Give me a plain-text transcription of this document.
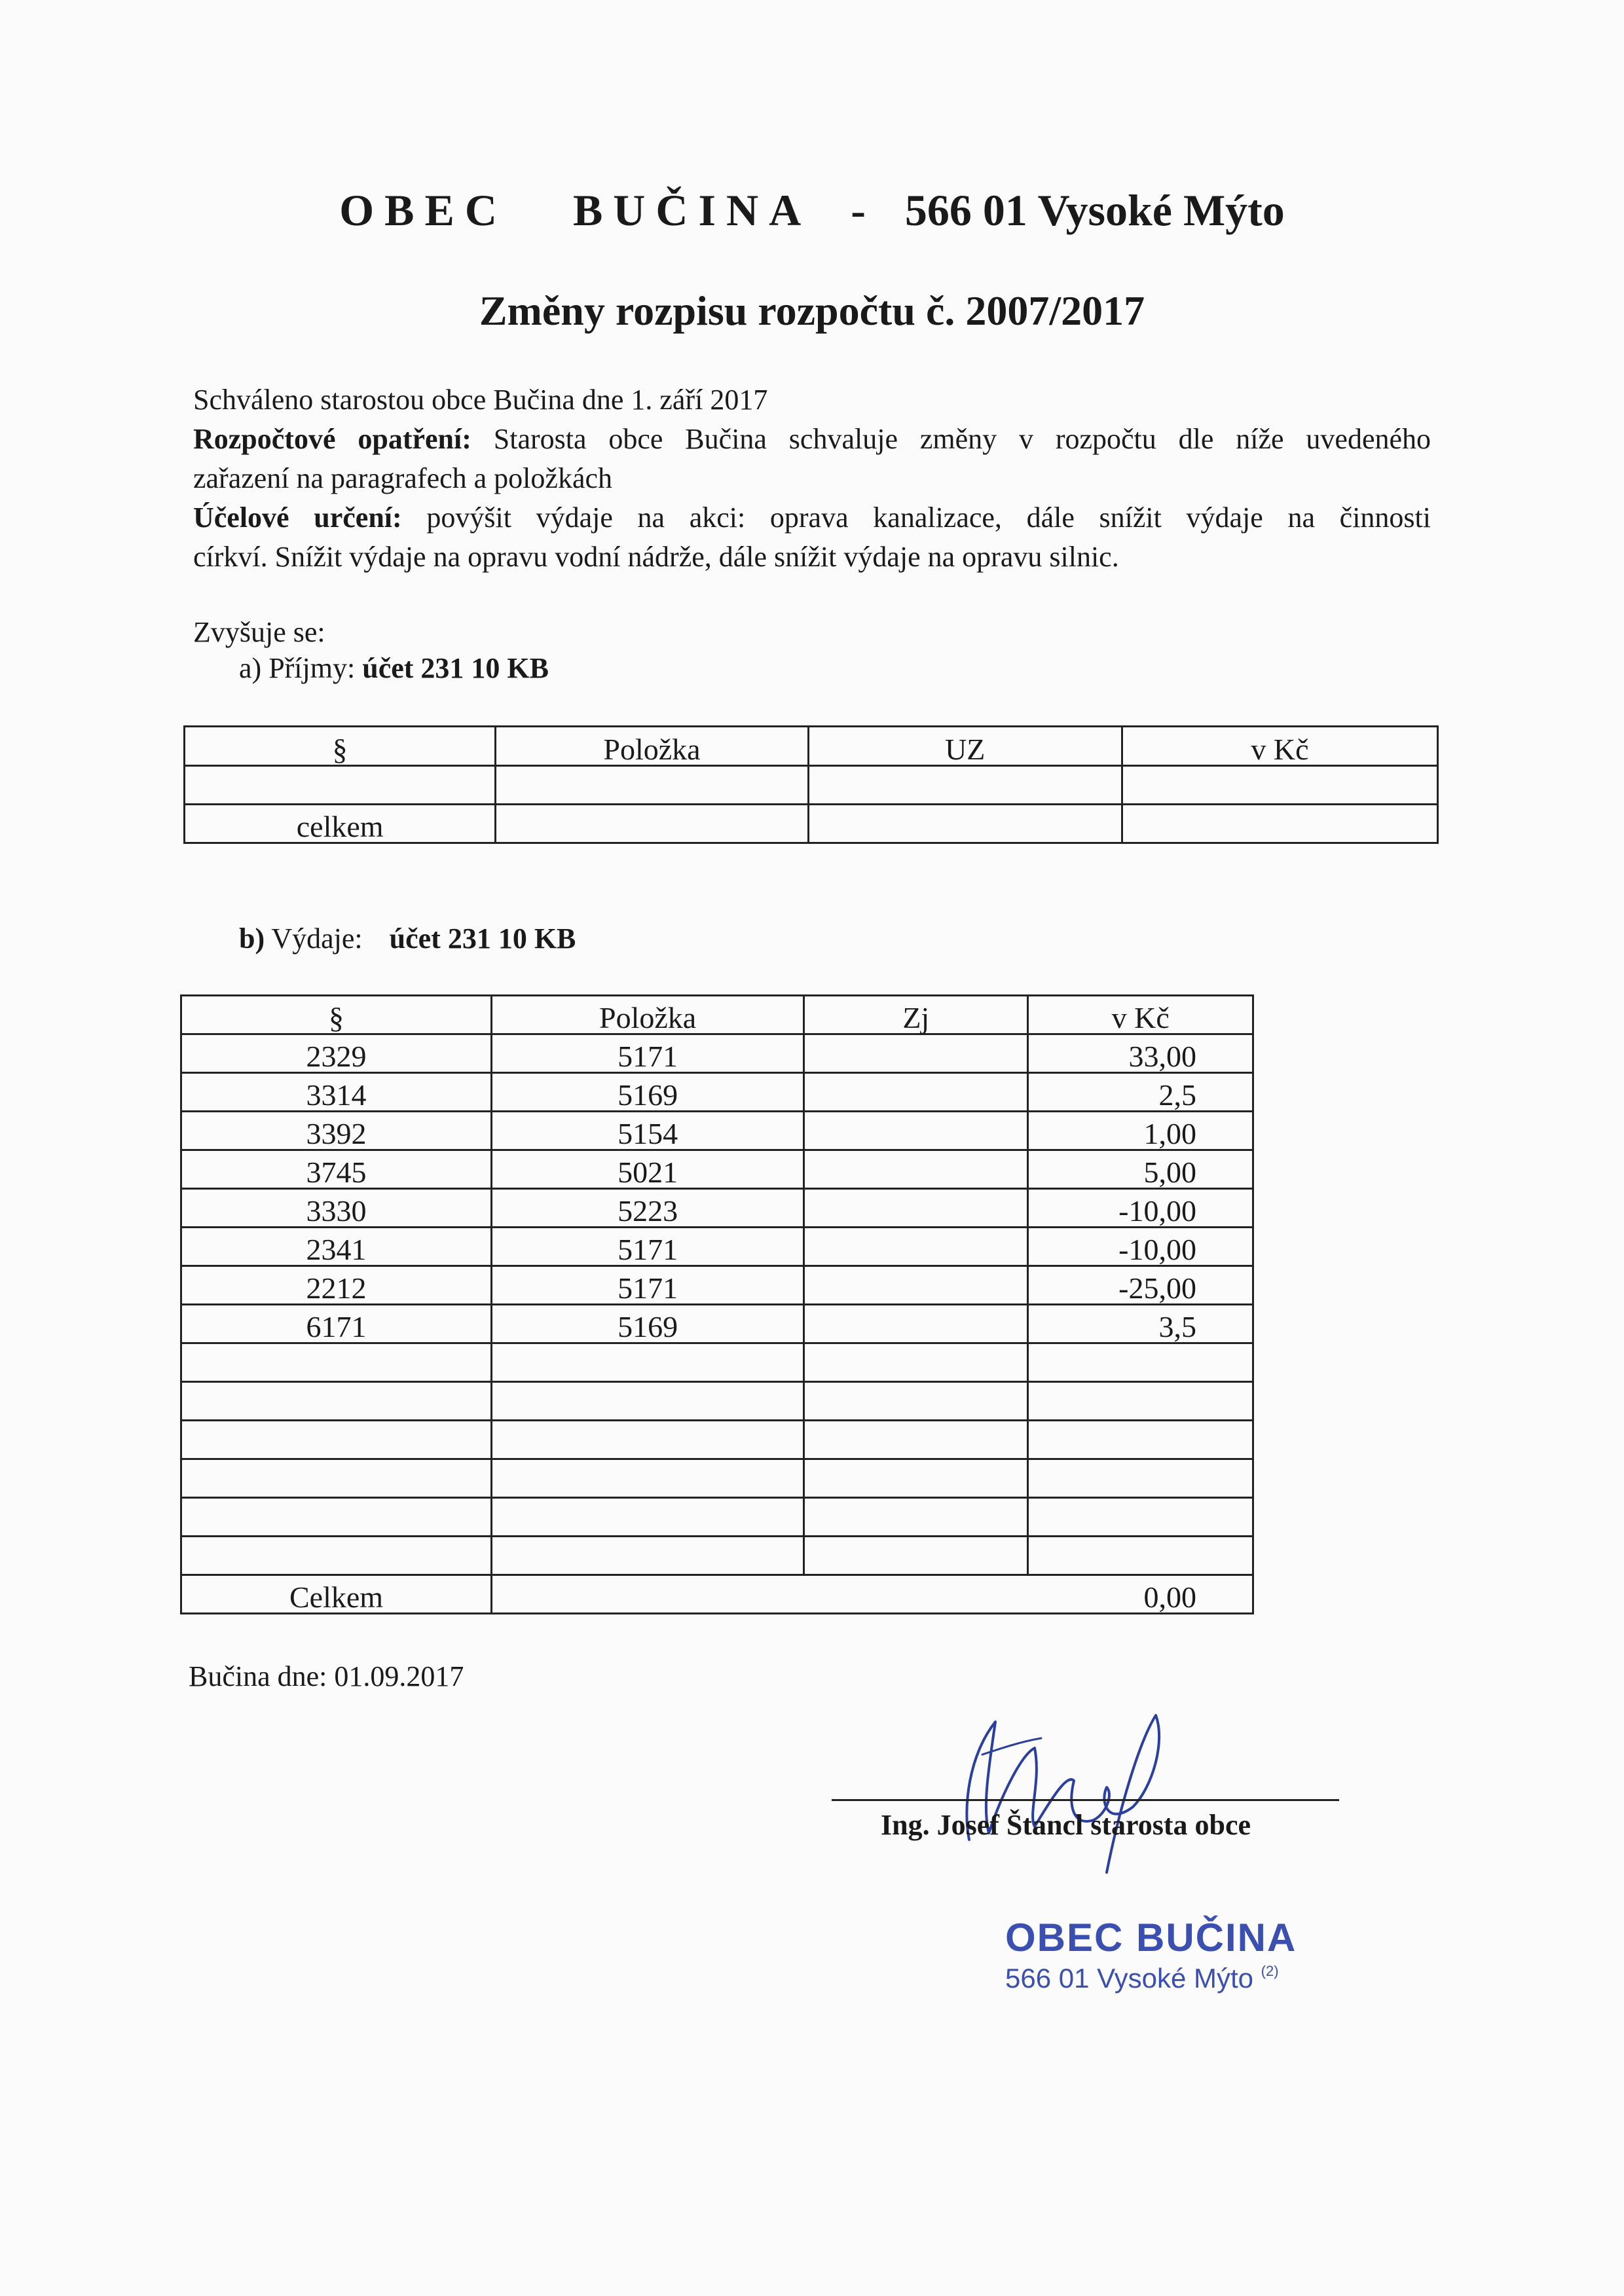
OBEC BUČINA - 566 01 Vysoké Mýto
Změny rozpisu rozpočtu č. 2007/2017
Schváleno starostou obce Bučina dne 1. září 2017
Rozpočtové opatření: Starosta obce Bučina schvaluje změny v rozpočtu dle níže uvedeného
zařazení na paragrafech a položkách
Účelové určení: povýšit výdaje na akci: oprava kanalizace, dále snížit výdaje na činnosti
církví. Snížit výdaje na opravu vodní nádrže, dále snížit výdaje na opravu silnic.
Zvyšuje se:
a) Příjmy: účet 231 10 KB
§	Položka	UZ	v Kč

celkem			
b) Výdaje: účet 231 10 KB
§	Položka	Zj	v Kč
2329	5171		33,00
3314	5169		2,5
3392	5154		1,00
3745	5021		5,00
3330	5223		-10,00
2341	5171		-10,00
2212	5171		-25,00
6171	5169		3,5

Celkem			0,00
Bučina dne: 01.09.2017
Ing. Josef Štancl starosta obce
OBEC BUČINA
566 01 Vysoké Mýto $^{(2)}$
